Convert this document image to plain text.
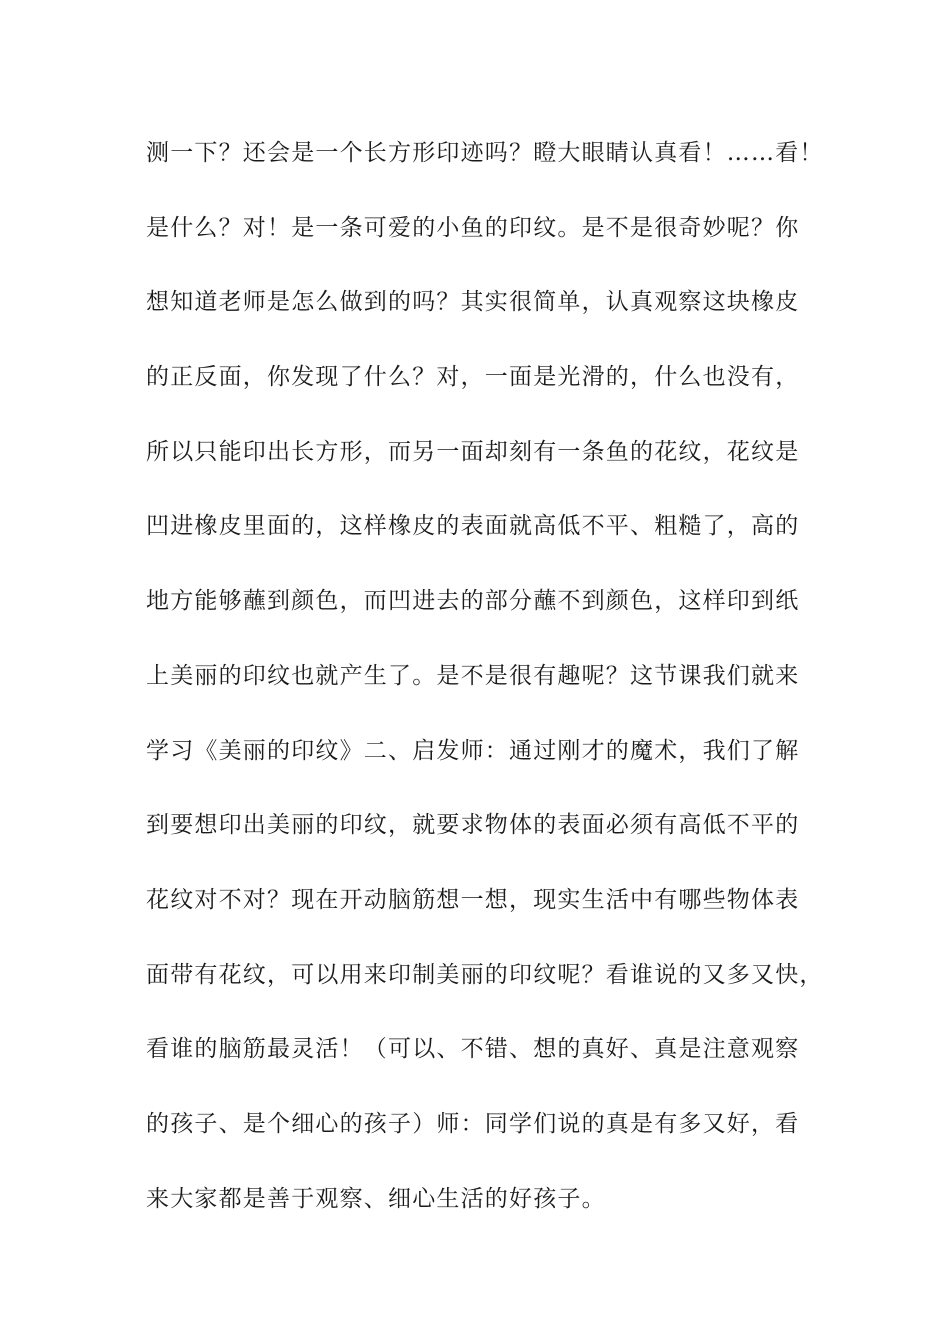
测一下？还会是一个长方形印迹吗？瞪大眼睛认真看！……看！
是什么？对！是一条可爱的小鱼的印纹。是不是很奇妙呢？你
想知道老师是怎么做到的吗？其实很简单，认真观察这块橡皮
的正反面，你发现了什么？对，一面是光滑的，什么也没有，
所以只能印出长方形，而另一面却刻有一条鱼的花纹，花纹是
凹进橡皮里面的，这样橡皮的表面就高低不平、粗糙了，高的
地方能够蘸到颜色，而凹进去的部分蘸不到颜色，这样印到纸
上美丽的印纹也就产生了。是不是很有趣呢？这节课我们就来
学习《美丽的印纹》二、启发师：通过刚才的魔术，我们了解
到要想印出美丽的印纹，就要求物体的表面必须有高低不平的
花纹对不对？现在开动脑筋想一想，现实生活中有哪些物体表
面带有花纹，可以用来印制美丽的印纹呢？看谁说的又多又快，
看谁的脑筋最灵活！（可以、不错、想的真好、真是注意观察
的孩子、是个细心的孩子）师：同学们说的真是有多又好，看
来大家都是善于观察、细心生活的好孩子。
